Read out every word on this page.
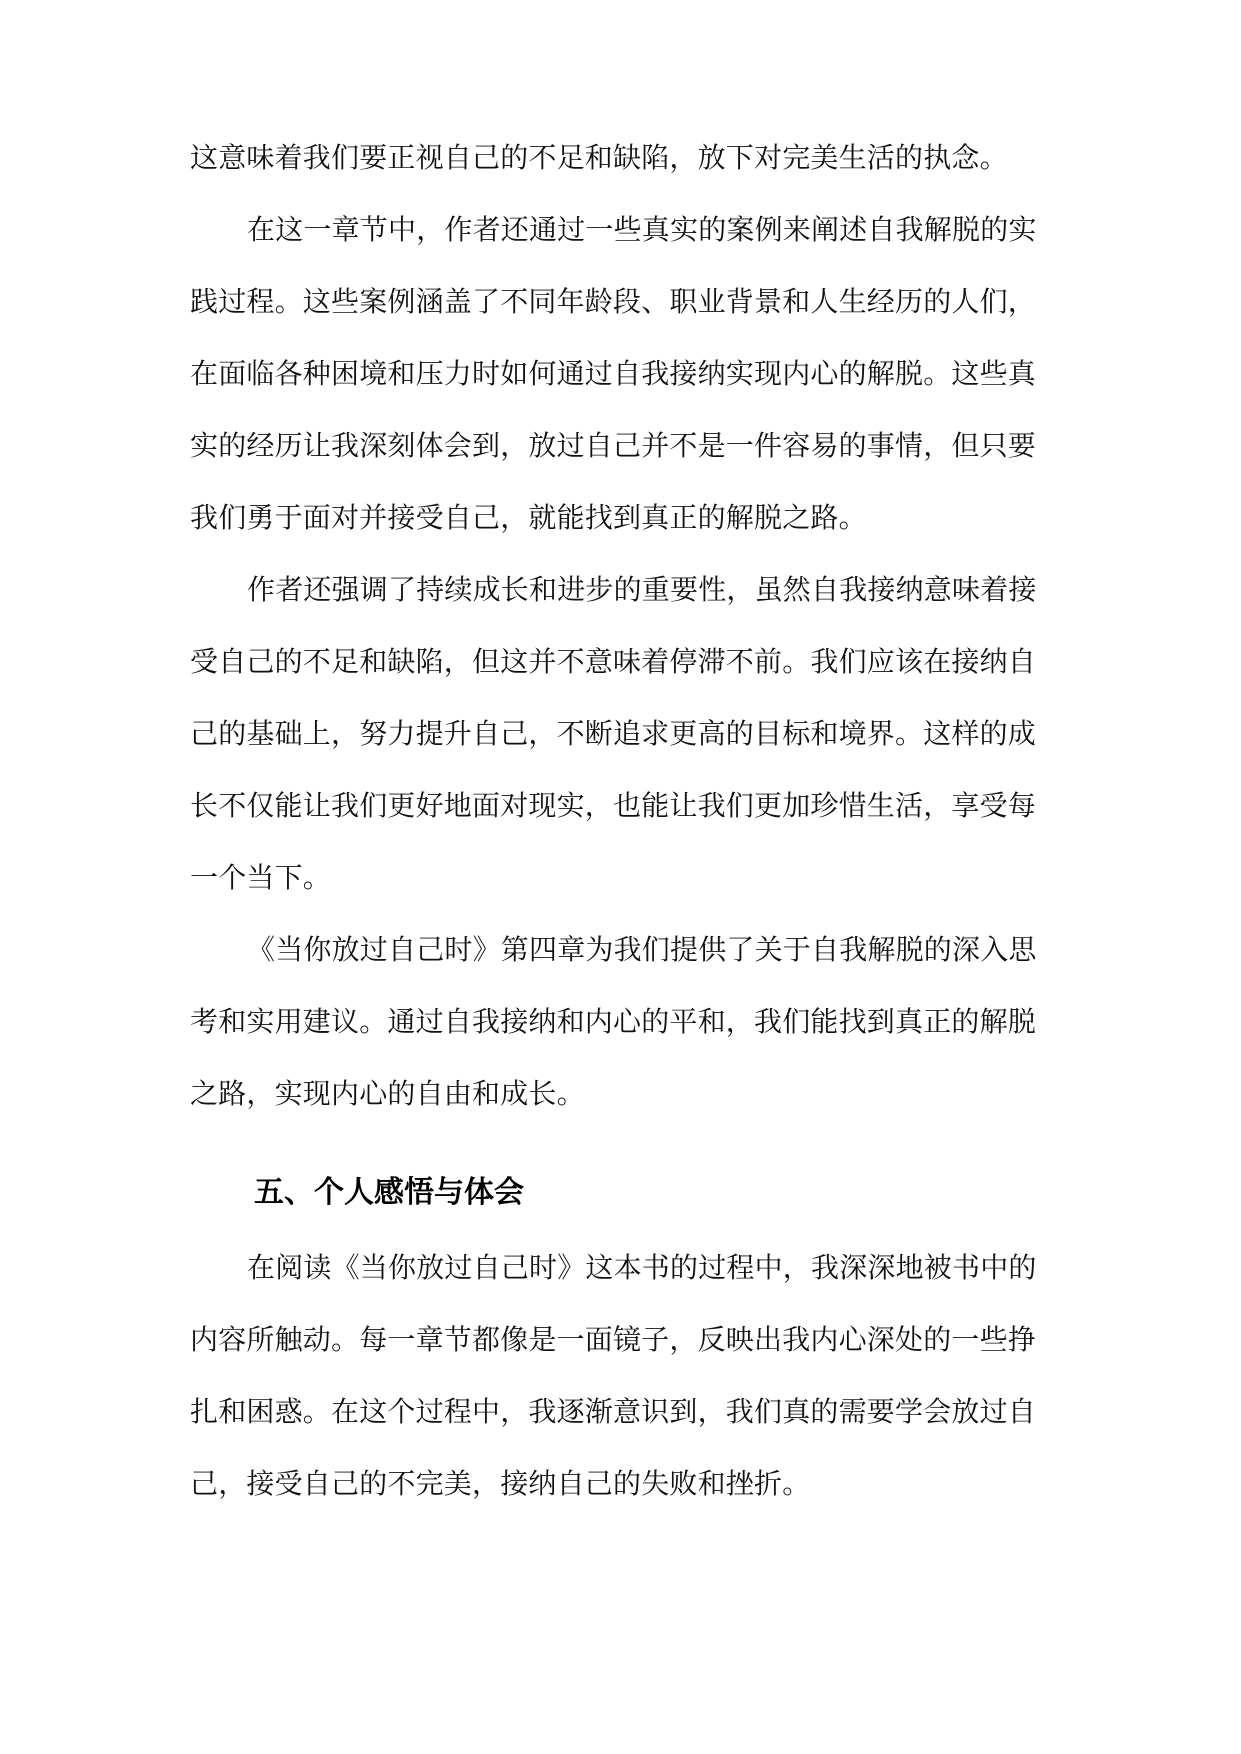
这意味着我们要正视自己的不足和缺陷，放下对完美生活的执念。
在这一章节中，作者还通过一些真实的案例来阐述自我解脱的实
践过程。这些案例涵盖了不同年龄段、职业背景和人生经历的人们，
在面临各种困境和压力时如何通过自我接纳实现内心的解脱。这些真
实的经历让我深刻体会到，放过自己并不是一件容易的事情，但只要
我们勇于面对并接受自己，就能找到真正的解脱之路。
作者还强调了持续成长和进步的重要性，虽然自我接纳意味着接
受自己的不足和缺陷，但这并不意味着停滞不前。我们应该在接纳自
己的基础上，努力提升自己，不断追求更高的目标和境界。这样的成
长不仅能让我们更好地面对现实，也能让我们更加珍惜生活，享受每
一个当下。
《当你放过自己时》第四章为我们提供了关于自我解脱的深入思
考和实用建议。通过自我接纳和内心的平和，我们能找到真正的解脱
之路，实现内心的自由和成长。
五、个人感悟与体会
在阅读《当你放过自己时》这本书的过程中，我深深地被书中的
内容所触动。每一章节都像是一面镜子，反映出我内心深处的一些挣
扎和困惑。在这个过程中，我逐渐意识到，我们真的需要学会放过自
己，接受自己的不完美，接纳自己的失败和挫折。
